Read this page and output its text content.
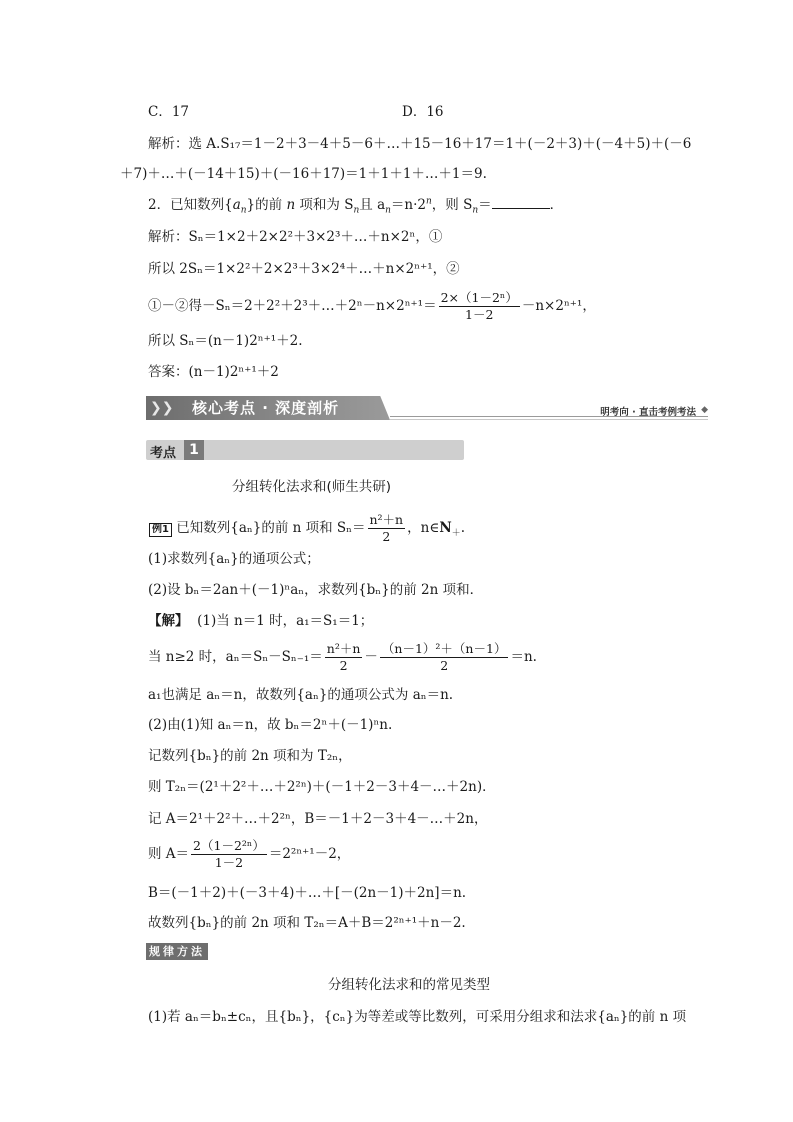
C．17	D．16
解析：选 A.S₁₇＝1－2＋3－4＋5－6＋…＋15－16＋17＝1＋(－2＋3)＋(－4＋5)＋(－6
＋7)＋…＋(－14＋15)＋(－16＋17)＝1＋1＋1＋…＋1＝9.
2．已知数列$\{a_n\}$的前 n 项和为 $S_n$且 $a_n=n\cdot 2^n$，则 $S_n=$	．
解析：Sₙ＝1×2＋2×2²＋3×2³＋…＋n×2ⁿ，①
所以 2Sₙ＝1×2²＋2×2³＋3×2⁴＋…＋n×2ⁿ⁺¹，②
①－②得－Sₙ＝2＋2²＋2³＋…＋2ⁿ－n×2ⁿ⁺¹＝ $\frac{\text{2×（1－2ⁿ）}}{1-2} -n\times 2^{n+1}$，
所以 Sₙ＝(n－1)2ⁿ⁺¹＋2.
答案：(n－1)2ⁿ⁺¹＋2
❯❯ 核心考点 · 深度剖析	明考向 · 直击考例考法 ◆
考点 1
分组转化法求和(师生共研)
例1 已知数列{aₙ}的前 n 项和 $S_n= \frac{\text{n²＋n}}{2}$ ，$n\in N_+$.
(1)求数列{aₙ}的通项公式；
(2)设 bₙ＝2an＋(－1)ⁿaₙ，求数列{bₙ}的前 2n 项和．
【解】 (1)当 n＝1 时，a₁＝S₁＝1；
当 n≥2 时，$a_n=S_n-S_{n-1}= \frac{\text{n²＋n}}{2} - \frac{\text{（n－1）²＋（n－1）}}{2} =n$.
a₁也满足 aₙ＝n，故数列{aₙ}的通项公式为 aₙ＝n.
(2)由(1)知 aₙ＝n，故 bₙ＝2ⁿ＋(－1)ⁿn.
记数列{bₙ}的前 2n 项和为 T₂ₙ，
则 T₂ₙ＝(2¹＋2²＋…＋2²ⁿ)＋(－1＋2－3＋4－…＋2n)．
记 A＝2¹＋2²＋…＋2²ⁿ，B＝－1＋2－3＋4－…＋2n，
则 $A= \frac{\text{2（1－2²ⁿ）}}{1-2} =2^{2n+1}-2$，
B＝(－1＋2)＋(－3＋4)＋…＋[－(2n－1)＋2n]＝n.
故数列{bₙ}的前 2n 项和 T₂ₙ＝A＋B＝2²ⁿ⁺¹＋n－2.
规律方法
分组转化法求和的常见类型
(1)若 aₙ＝bₙ±cₙ，且{bₙ}，{cₙ}为等差或等比数列，可采用分组求和法求{aₙ}的前 n 项
